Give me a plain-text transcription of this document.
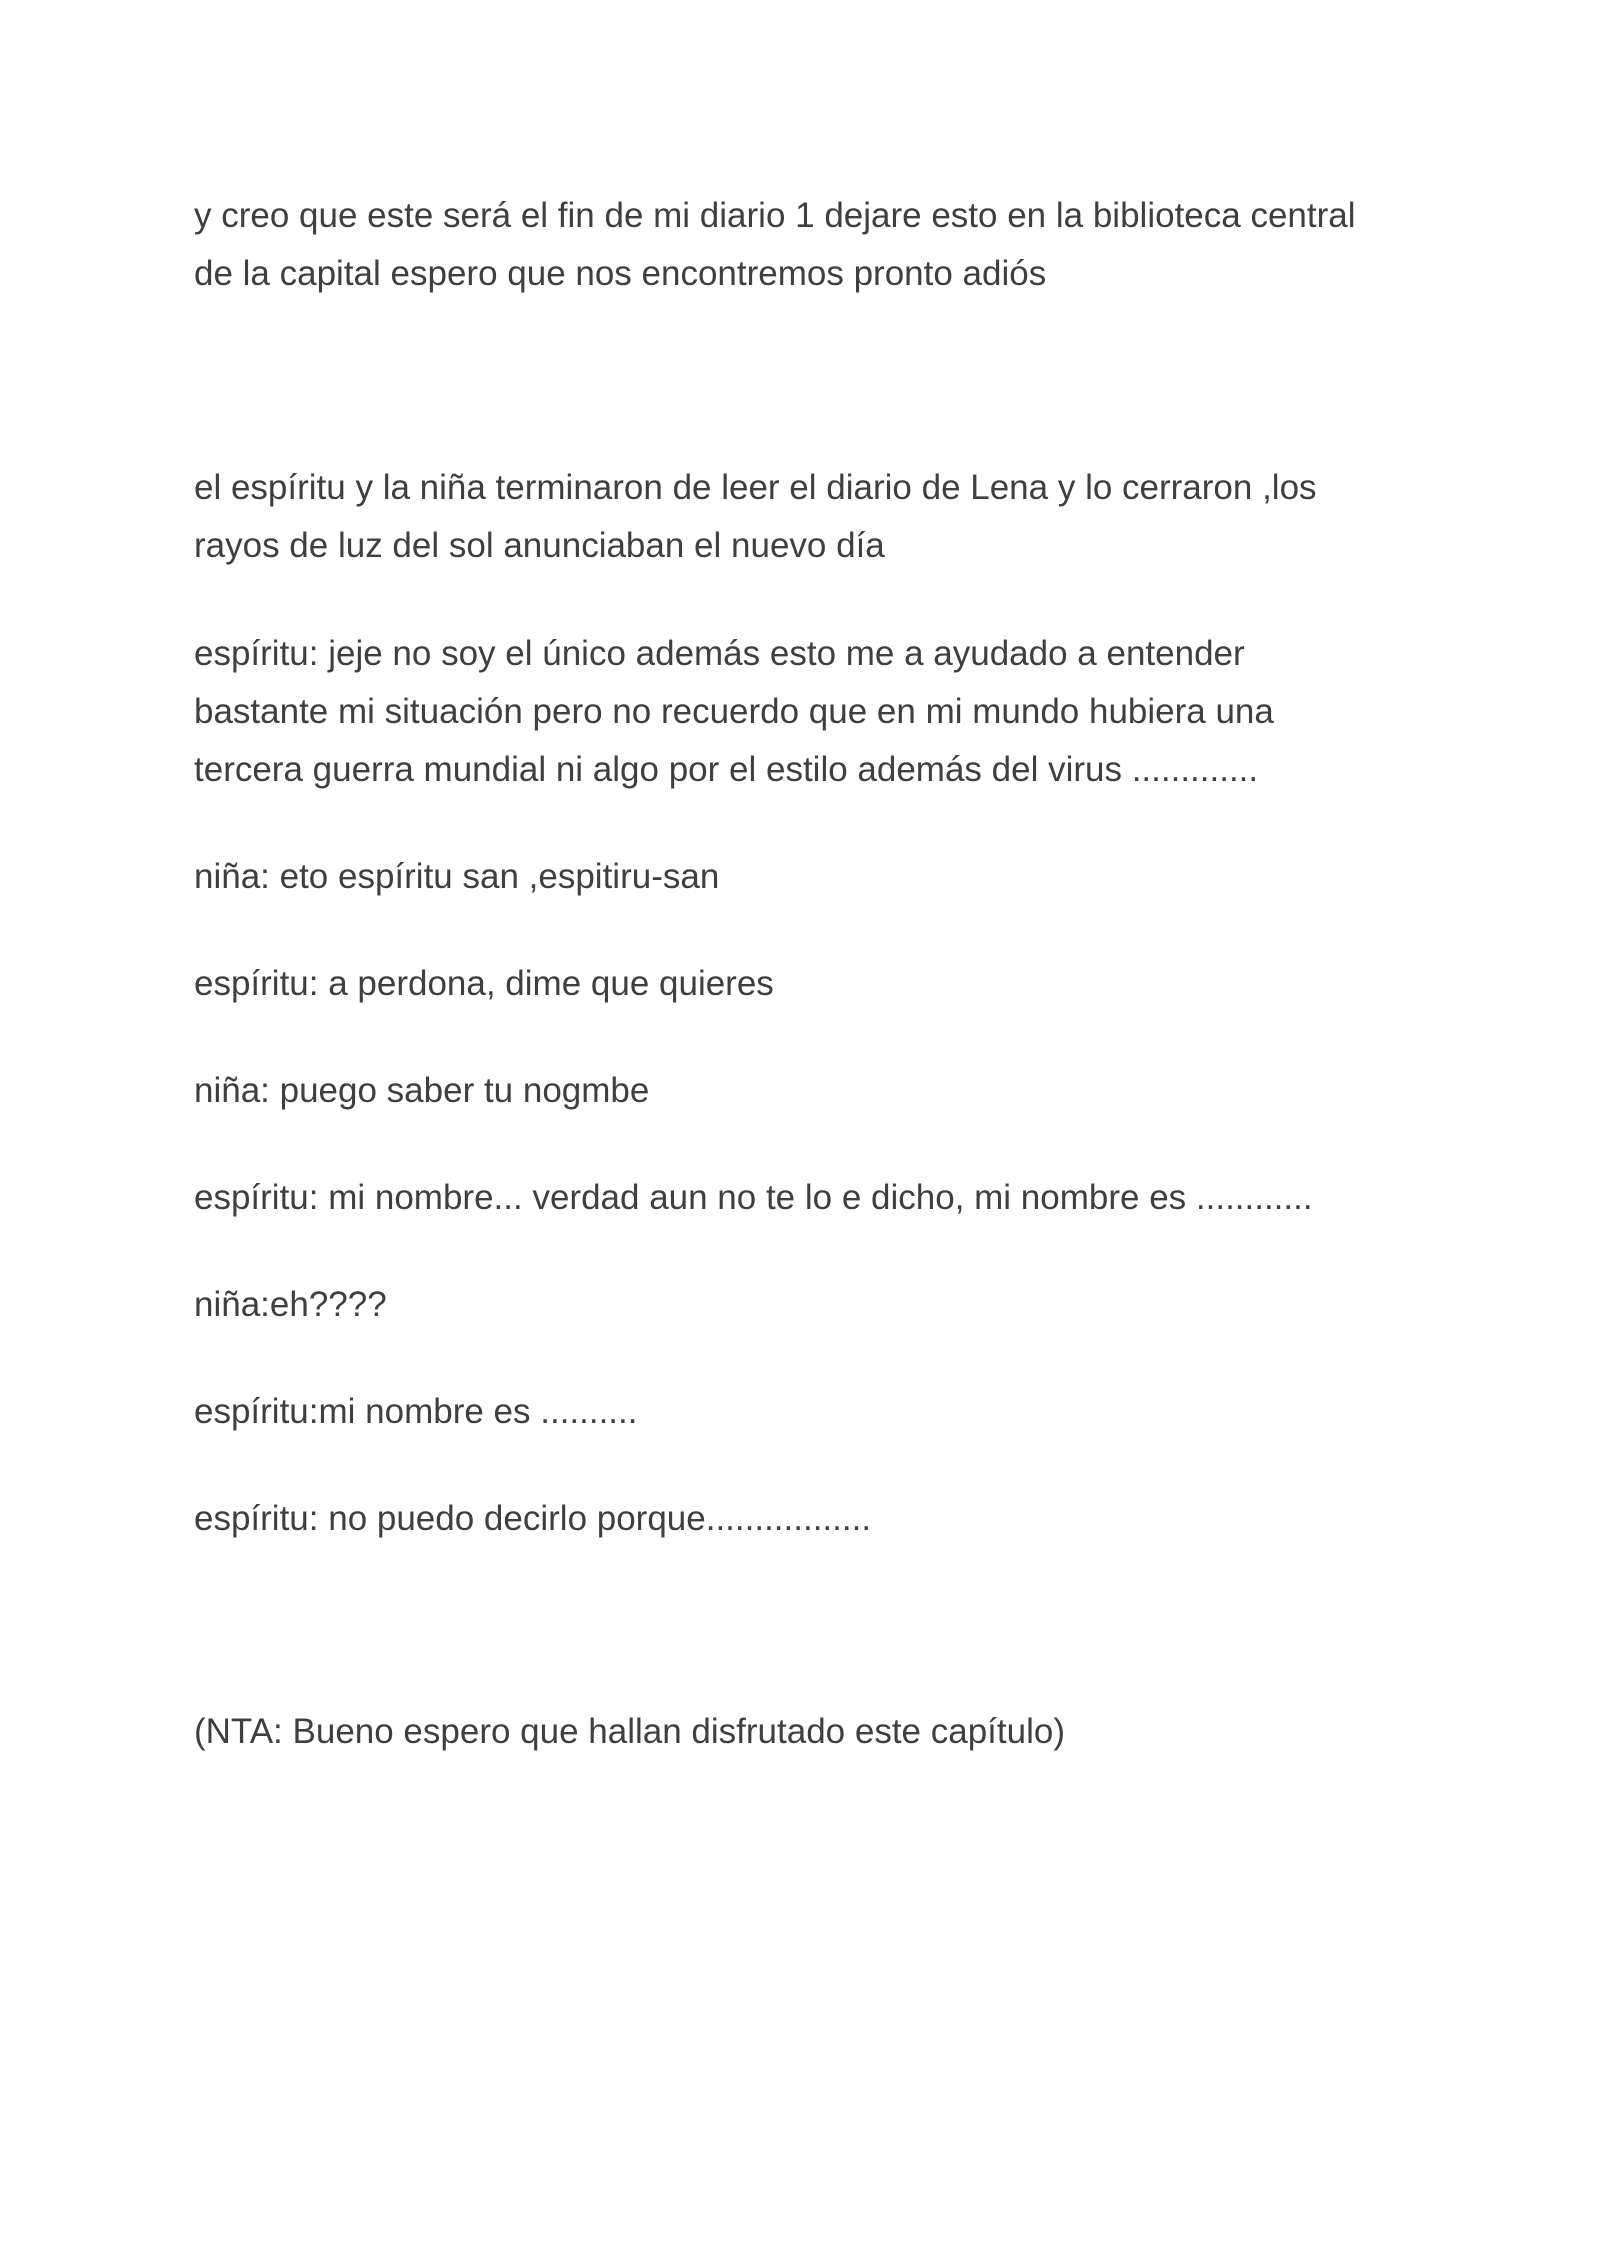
y creo que este será el fin de mi diario 1 dejare esto en la biblioteca central
de la capital espero que nos encontremos pronto adiós

el espíritu y la niña terminaron de leer el diario de Lena y lo cerraron ,los
rayos de luz del sol anunciaban el nuevo día

espíritu: jeje no soy el único además esto me a ayudado a entender
bastante mi situación pero no recuerdo que en mi mundo hubiera una
tercera guerra mundial ni algo por el estilo además del virus .............

niña: eto espíritu san ,espitiru-san

espíritu: a perdona, dime que quieres

niña: puego saber tu nogmbe

espíritu: mi nombre... verdad aun no te lo e dicho, mi nombre es ............

niña:eh????

espíritu:mi nombre es ..........

espíritu: no puedo decirlo porque.................

(NTA: Bueno espero que hallan disfrutado este capítulo)
